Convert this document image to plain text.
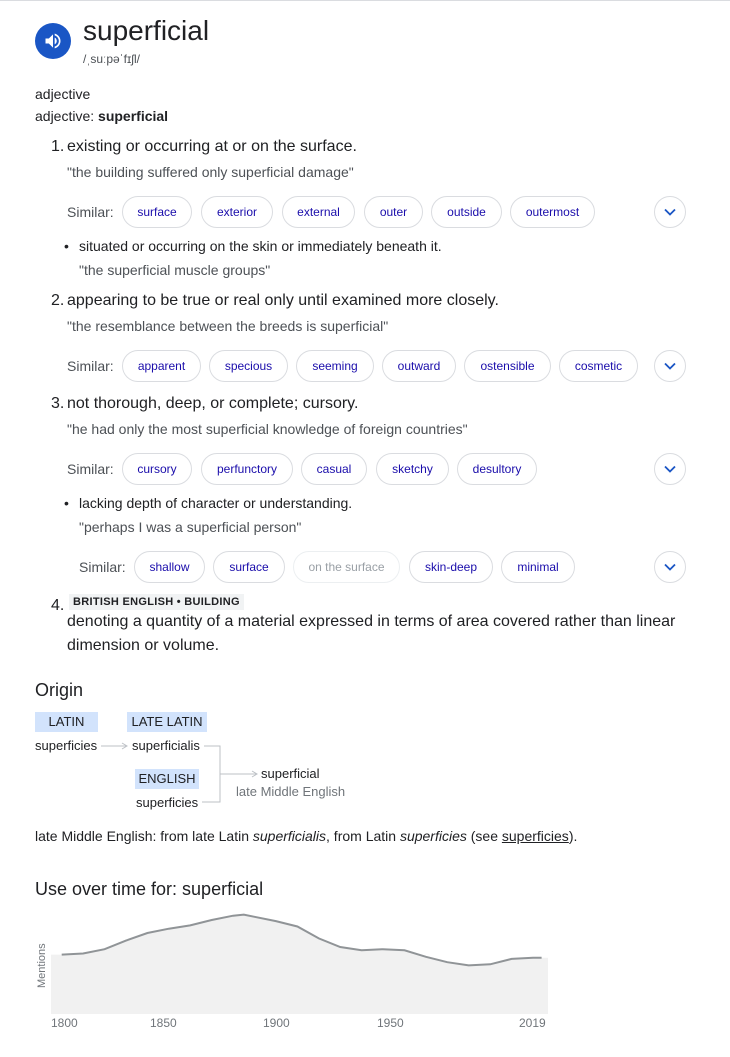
superficial
/ˌsuːpəˈfɪʃl/
adjective
adjective: superficial
1. existing or occurring at or on the surface.
"the building suffered only superficial damage"
Similar:	surface	exterior	external	outer	outside	outermost
• situated or occurring on the skin or immediately beneath it.
"the superficial muscle groups"
2. appearing to be true or real only until examined more closely.
"the resemblance between the breeds is superficial"
Similar:	apparent	specious	seeming	outward	ostensible	cosmetic
3. not thorough, deep, or complete; cursory.
"he had only the most superficial knowledge of foreign countries"
Similar:	cursory	perfunctory	casual	sketchy	desultory
• lacking depth of character or understanding.
"perhaps I was a superficial person"
Similar:	shallow	surface	on the surface	skin-deep	minimal
4. BRITISH ENGLISH • BUILDING
denoting a quantity of a material expressed in terms of area covered rather than linear dimension or volume.
Origin
LATIN
superficies
LATE LATIN
superficialis
ENGLISH
superficies
superficial
late Middle English
late Middle English: from late Latin superficialis, from Latin superficies (see superficies).
Use over time for: superficial
Mentions
1800	1850	1900	1950	2019
